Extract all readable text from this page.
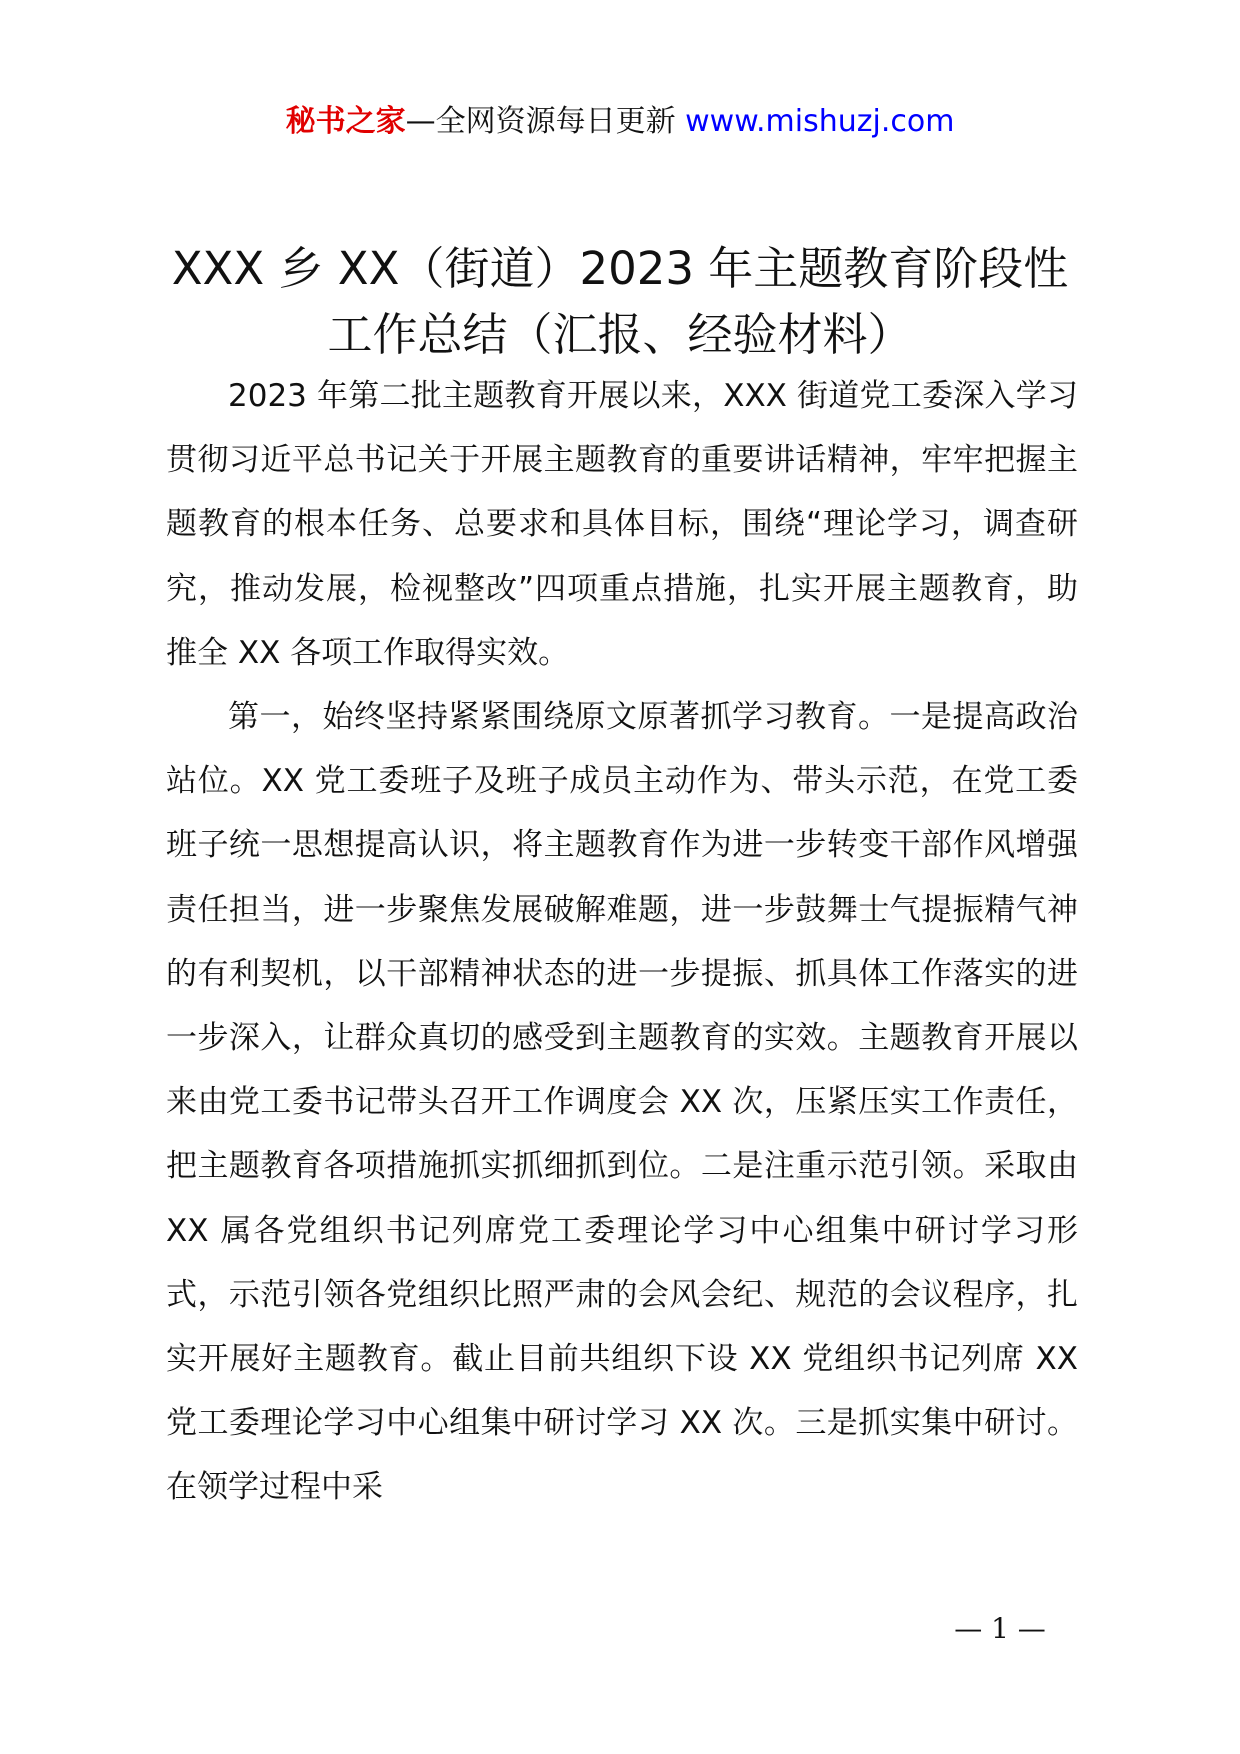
秘书之家—全网资源每日更新 www.mishuzj.com
XXX 乡 XX（街道）2023 年主题教育阶段性
工作总结（汇报、经验材料）

2023 年第二批主题教育开展以来，XXX 街道党工委深入学习贯彻习近平总书记关于开展主题教育的重要讲话精神，牢牢把握主题教育的根本任务、总要求和具体目标，围绕“理论学习，调查研究，推动发展，检视整改”四项重点措施，扎实开展主题教育，助推全 XX 各项工作取得实效。

第一，始终坚持紧紧围绕原文原著抓学习教育。一是提高政治站位。XX 党工委班子及班子成员主动作为、带头示范，在党工委班子统一思想提高认识，将主题教育作为进一步转变干部作风增强责任担当，进一步聚焦发展破解难题，进一步鼓舞士气提振精气神的有利契机，以干部精神状态的进一步提振、抓具体工作落实的进一步深入，让群众真切的感受到主题教育的实效。主题教育开展以来由党工委书记带头召开工作调度会 XX 次，压紧压实工作责任，把主题教育各项措施抓实抓细抓到位。二是注重示范引领。采取由 XX 属各党组织书记列席党工委理论学习中心组集中研讨学习形式，示范引领各党组织比照严肃的会风会纪、规范的会议程序，扎实开展好主题教育。截止目前共组织下设 XX 党组织书记列席 XX 党工委理论学习中心组集中研讨学习 XX 次。三是抓实集中研讨。在领学过程中采

— 1 —
